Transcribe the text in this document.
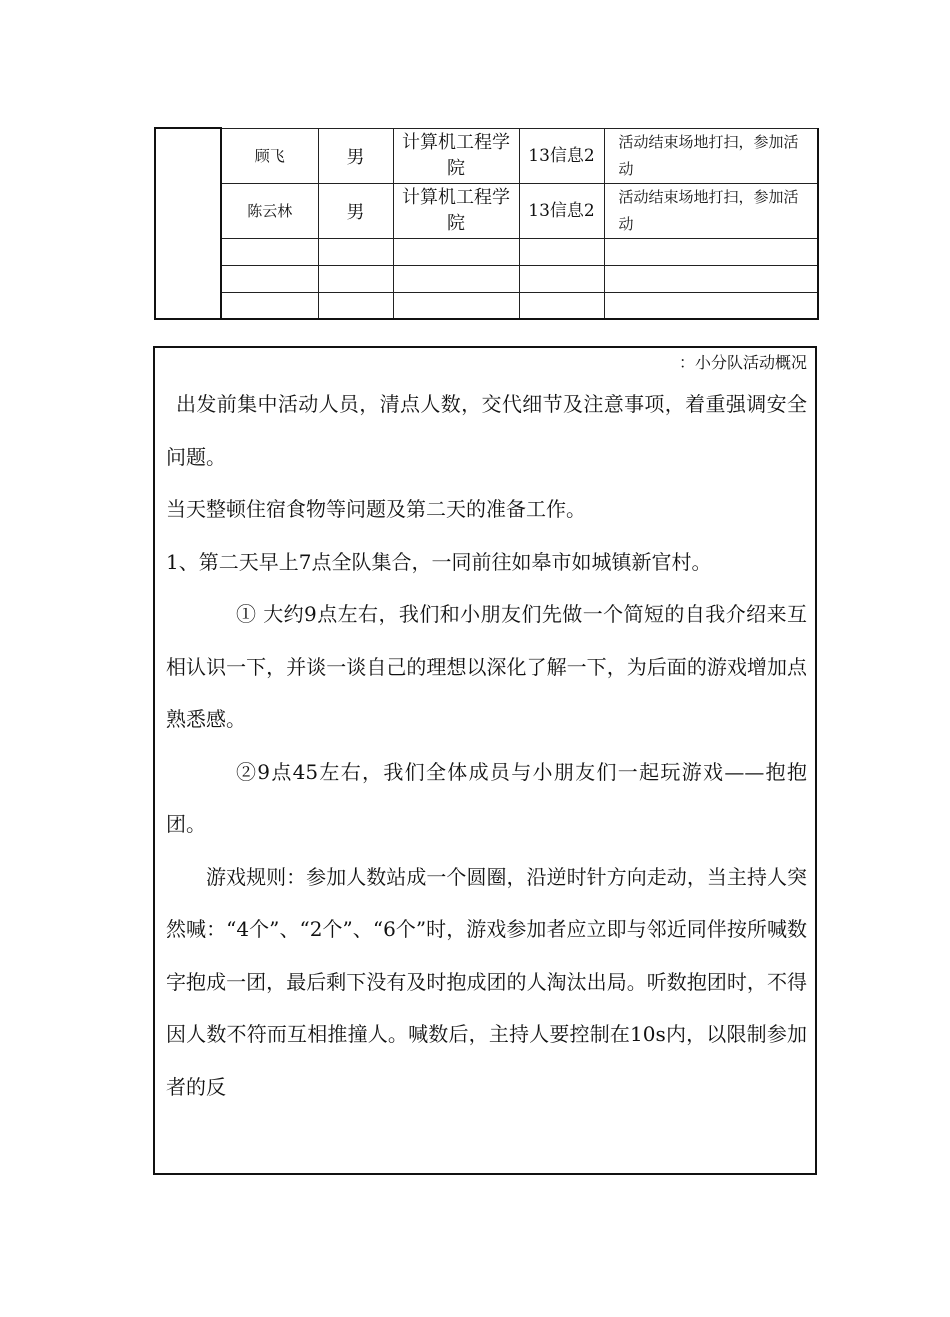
	顾飞	男	计算机工程学院	13信息2	活动结束场地打扫，参加活动
	陈云林	男	计算机工程学院	13信息2	活动结束场地打扫，参加活动

：小分队活动概况

出发前集中活动人员，清点人数，交代细节及注意事项，着重强调安全问题。

当天整顿住宿食物等问题及第二天的准备工作。

1、第二天早上7点全队集合，一同前往如皋市如城镇新官村。

① 大约9点左右，我们和小朋友们先做一个简短的自我介绍来互相认识一下，并谈一谈自己的理想以深化了解一下，为后面的游戏增加点熟悉感。

②9点45左右，我们全体成员与小朋友们一起玩游戏——抱抱团。

游戏规则：参加人数站成一个圆圈，沿逆时针方向走动，当主持人突然喊：“4个”、“2个”、“6个”时，游戏参加者应立即与邻近同伴按所喊数字抱成一团，最后剩下没有及时抱成团的人淘汰出局。听数抱团时，不得因人数不符而互相推撞人。喊数后，主持人要控制在10s内，以限制参加者的反
